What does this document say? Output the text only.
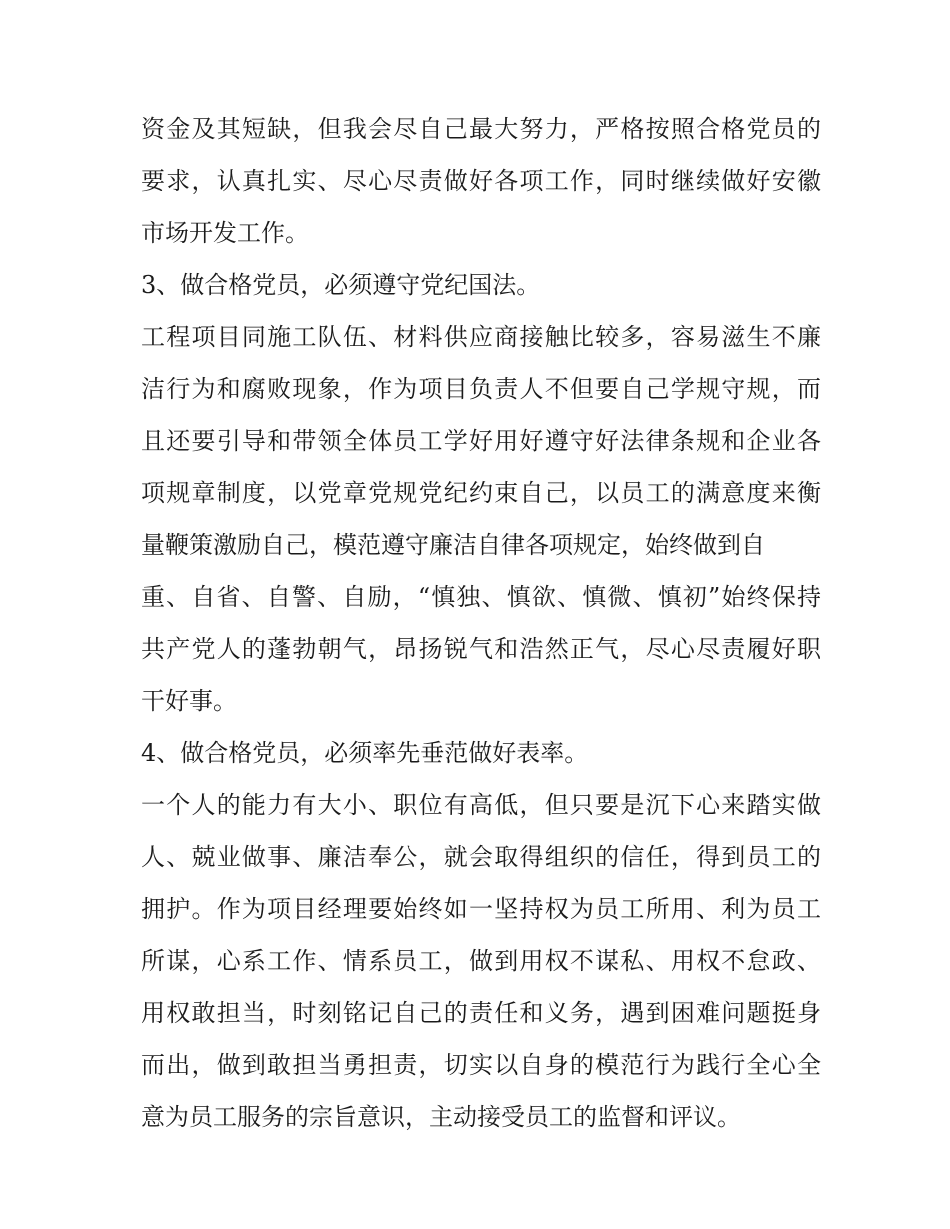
资金及其短缺，但我会尽自己最大努力，严格按照合格党员的
要求，认真扎实、尽心尽责做好各项工作，同时继续做好安徽
市场开发工作。
3、做合格党员，必须遵守党纪国法。
工程项目同施工队伍、材料供应商接触比较多，容易滋生不廉
洁行为和腐败现象，作为项目负责人不但要自己学规守规，而
且还要引导和带领全体员工学好用好遵守好法律条规和企业各
项规章制度，以党章党规党纪约束自己，以员工的满意度来衡
量鞭策激励自己，模范遵守廉洁自律各项规定，始终做到自
重、自省、自警、自励，“慎独、慎欲、慎微、慎初”始终保持
共产党人的蓬勃朝气，昂扬锐气和浩然正气，尽心尽责履好职
干好事。
4、做合格党员，必须率先垂范做好表率。
一个人的能力有大小、职位有高低，但只要是沉下心来踏实做
人、兢业做事、廉洁奉公，就会取得组织的信任，得到员工的
拥护。作为项目经理要始终如一坚持权为员工所用、利为员工
所谋，心系工作、情系员工，做到用权不谋私、用权不怠政、
用权敢担当，时刻铭记自己的责任和义务，遇到困难问题挺身
而出，做到敢担当勇担责，切实以自身的模范行为践行全心全
意为员工服务的宗旨意识，主动接受员工的监督和评议。
